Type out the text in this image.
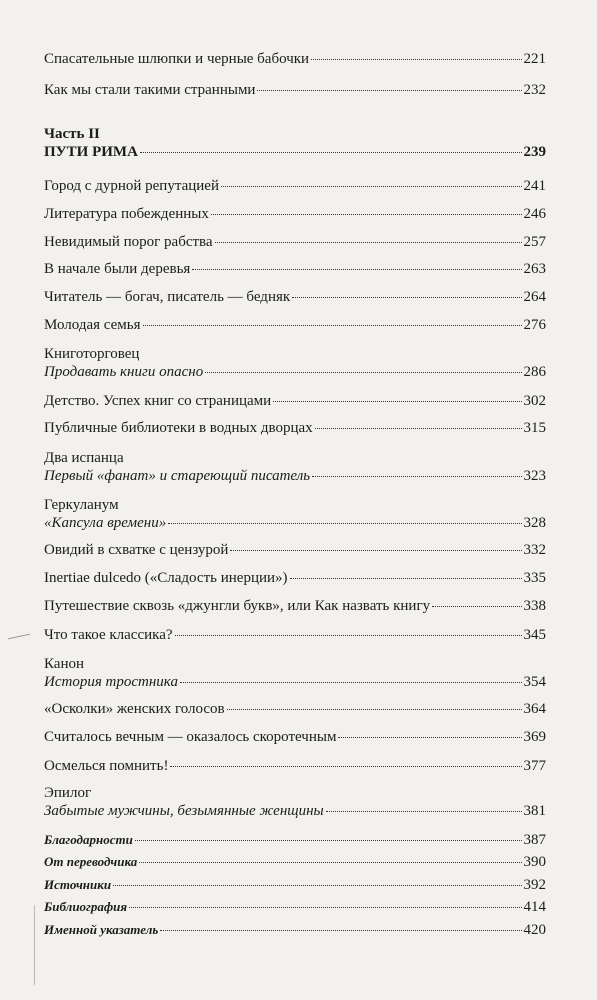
Спасательные шлюпки и черные бабочки	221
Как мы стали такими странными	232
Часть II
ПУТИ РИМА	239
Город с дурной репутацией	241
Литература побежденных	246
Невидимый порог рабства	257
В начале были деревья	263
Читатель — богач, писатель — бедняк	264
Молодая семья	276
Книготорговец
Продавать книги опасно	286
Детство. Успех книг со страницами	302
Публичные библиотеки в водных дворцах	315
Два испанца
Первый «фанат» и стареющий писатель	323
Геркуланум
«Капсула времени»	328
Овидий в схватке с цензурой	332
Inertiae dulcedo («Сладость инерции»)	335
Путешествие сквозь «джунгли букв», или Как назвать книгу	338
Что такое классика?	345
Канон
История тростника	354
«Осколки» женских голосов	364
Считалось вечным — оказалось скоротечным	369
Осмелься помнить!	377
Эпилог
Забытые мужчины, безымянные женщины	381
Благодарности	387
От переводчика	390
Источники	392
Библиография	414
Именной указатель	420
